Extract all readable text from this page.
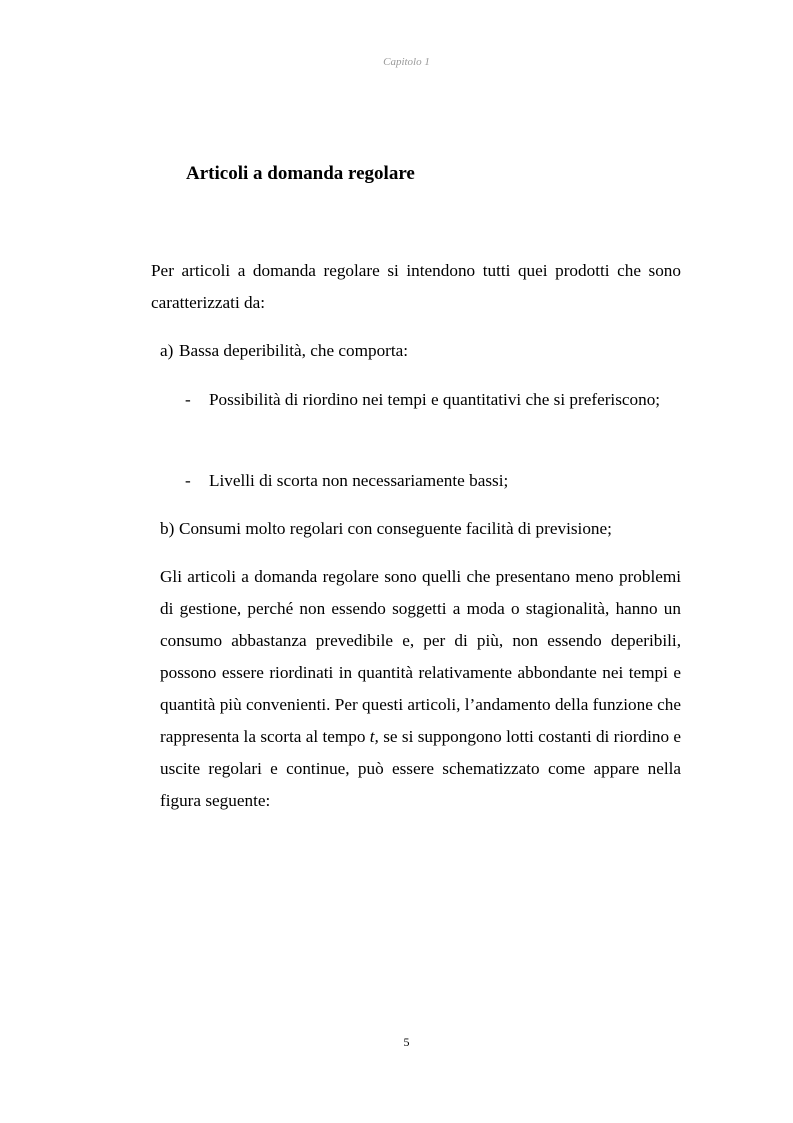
Capitolo 1
Articoli a domanda regolare

Per articoli a domanda regolare si intendono tutti quei prodotti che sono caratterizzati da:

a) Bassa deperibilità, che comporta:
- Possibilità di riordino nei tempi e quantitativi che si preferiscono;

- Livelli di scorta non necessariamente bassi;
b) Consumi molto regolari con conseguente facilità di previsione;

Gli articoli a domanda regolare sono quelli che presentano meno problemi di gestione, perché non essendo soggetti a moda o stagionalità, hanno un consumo abbastanza prevedibile e, per di più, non essendo deperibili, possono essere riordinati in quantità relativamente abbondante nei tempi e quantità più convenienti. Per questi articoli, l’andamento della funzione che rappresenta la scorta al tempo t, se si suppongono lotti costanti di riordino e uscite regolari e continue, può essere schematizzato come appare nella figura seguente:

5
